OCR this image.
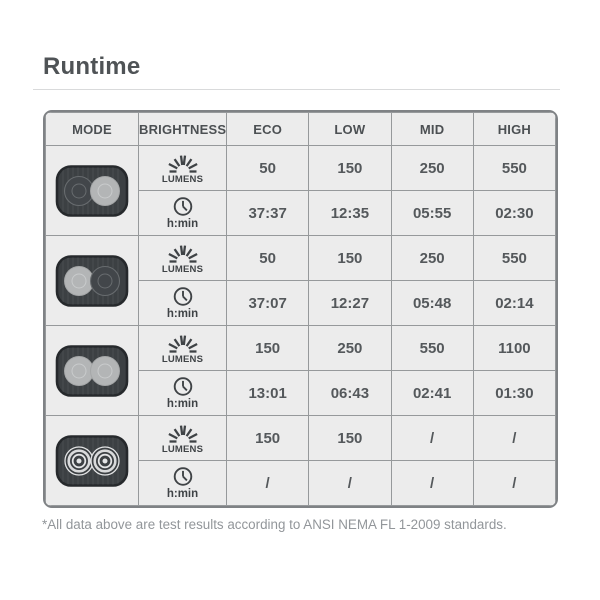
Runtime
MODE	BRIGHTNESS	ECO	LOW	MID	HIGH

LUMENS	50	150	250	550

	h:min	37:37	12:35	05:55	02:30

LUMENS	50	150	250	550

	h:min	37:07	12:27	05:48	02:14

LUMENS	150	250	550	1100

	h:min	13:01	06:43	02:41	01:30

LUMENS	150	150	/	/

	h:min	/	/	/	/
*All data above are test results according to ANSI NEMA FL 1-2009 standards.
